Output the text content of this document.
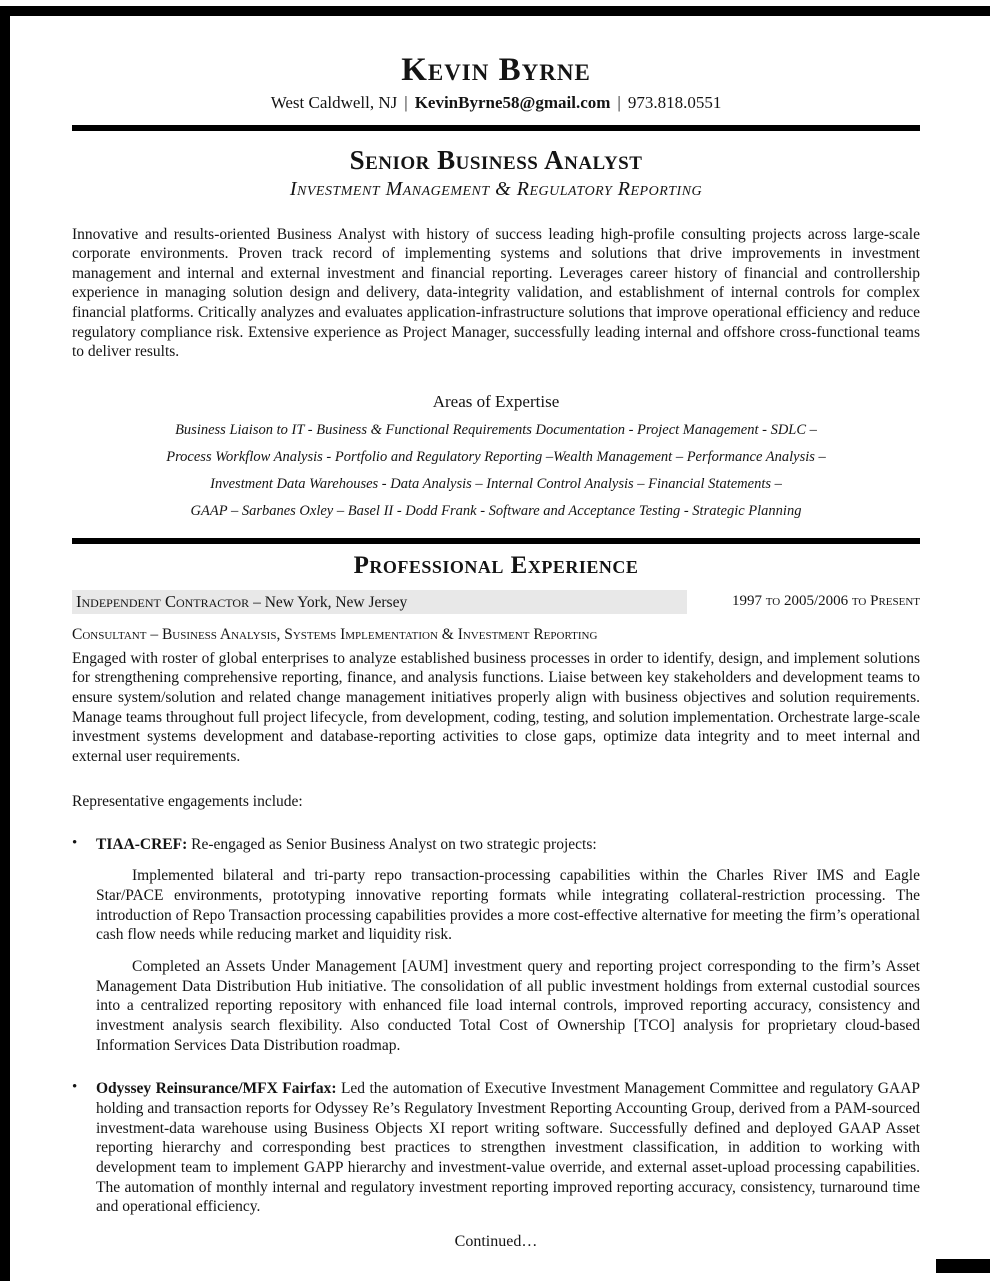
Kevin Byrne
West Caldwell, NJ | KevinByrne58@gmail.com | 973.818.0551
Senior Business Analyst
Investment Management & Regulatory Reporting

Innovative and results-oriented Business Analyst with history of success leading high-profile consulting projects across large-scale corporate environments. Proven track record of implementing systems and solutions that drive improvements in investment management and internal and external investment and financial reporting. Leverages career history of financial and controllership experience in managing solution design and delivery, data-integrity validation, and establishment of internal controls for complex financial platforms. Critically analyzes and evaluates application-infrastructure solutions that improve operational efficiency and reduce regulatory compliance risk. Extensive experience as Project Manager, successfully leading internal and offshore cross-functional teams to deliver results.

Areas of Expertise
Business Liaison to IT - Business & Functional Requirements Documentation - Project Management - SDLC –
Process Workflow Analysis - Portfolio and Regulatory Reporting –Wealth Management – Performance Analysis –
Investment Data Warehouses - Data Analysis – Internal Control Analysis – Financial Statements –
GAAP – Sarbanes Oxley – Basel II - Dodd Frank - Software and Acceptance Testing - Strategic Planning
Professional Experience
Independent Contractor – New York, New Jersey	1997 to 2005/2006 to Present
Consultant – Business Analysis, Systems Implementation & Investment Reporting

Engaged with roster of global enterprises to analyze established business processes in order to identify, design, and implement solutions for strengthening comprehensive reporting, finance, and analysis functions. Liaise between key stakeholders and development teams to ensure system/solution and related change management initiatives properly align with business objectives and solution requirements. Manage teams throughout full project lifecycle, from development, coding, testing, and solution implementation. Orchestrate large-scale investment systems development and database-reporting activities to close gaps, optimize data integrity and to meet internal and external user requirements.

Representative engagements include:

•	TIAA-CREF: Re-engaged as Senior Business Analyst on two strategic projects:

Implemented bilateral and tri-party repo transaction-processing capabilities within the Charles River IMS and Eagle Star/PACE environments, prototyping innovative reporting formats while integrating collateral-restriction processing. The introduction of Repo Transaction processing capabilities provides a more cost-effective alternative for meeting the firm’s operational cash flow needs while reducing market and liquidity risk.

Completed an Assets Under Management [AUM] investment query and reporting project corresponding to the firm’s Asset Management Data Distribution Hub initiative. The consolidation of all public investment holdings from external custodial sources into a centralized reporting repository with enhanced file load internal controls, improved reporting accuracy, consistency and investment analysis search flexibility. Also conducted Total Cost of Ownership [TCO] analysis for proprietary cloud-based Information Services Data Distribution roadmap.

•	Odyssey Reinsurance/MFX Fairfax: Led the automation of Executive Investment Management Committee and regulatory GAAP holding and transaction reports for Odyssey Re’s Regulatory Investment Reporting Accounting Group, derived from a PAM-sourced investment-data warehouse using Business Objects XI report writing software. Successfully defined and deployed GAAP Asset reporting hierarchy and corresponding best practices to strengthen investment classification, in addition to working with development team to implement GAPP hierarchy and investment-value override, and external asset-upload processing capabilities. The automation of monthly internal and regulatory investment reporting improved reporting accuracy, consistency, turnaround time and operational efficiency.
Continued…
